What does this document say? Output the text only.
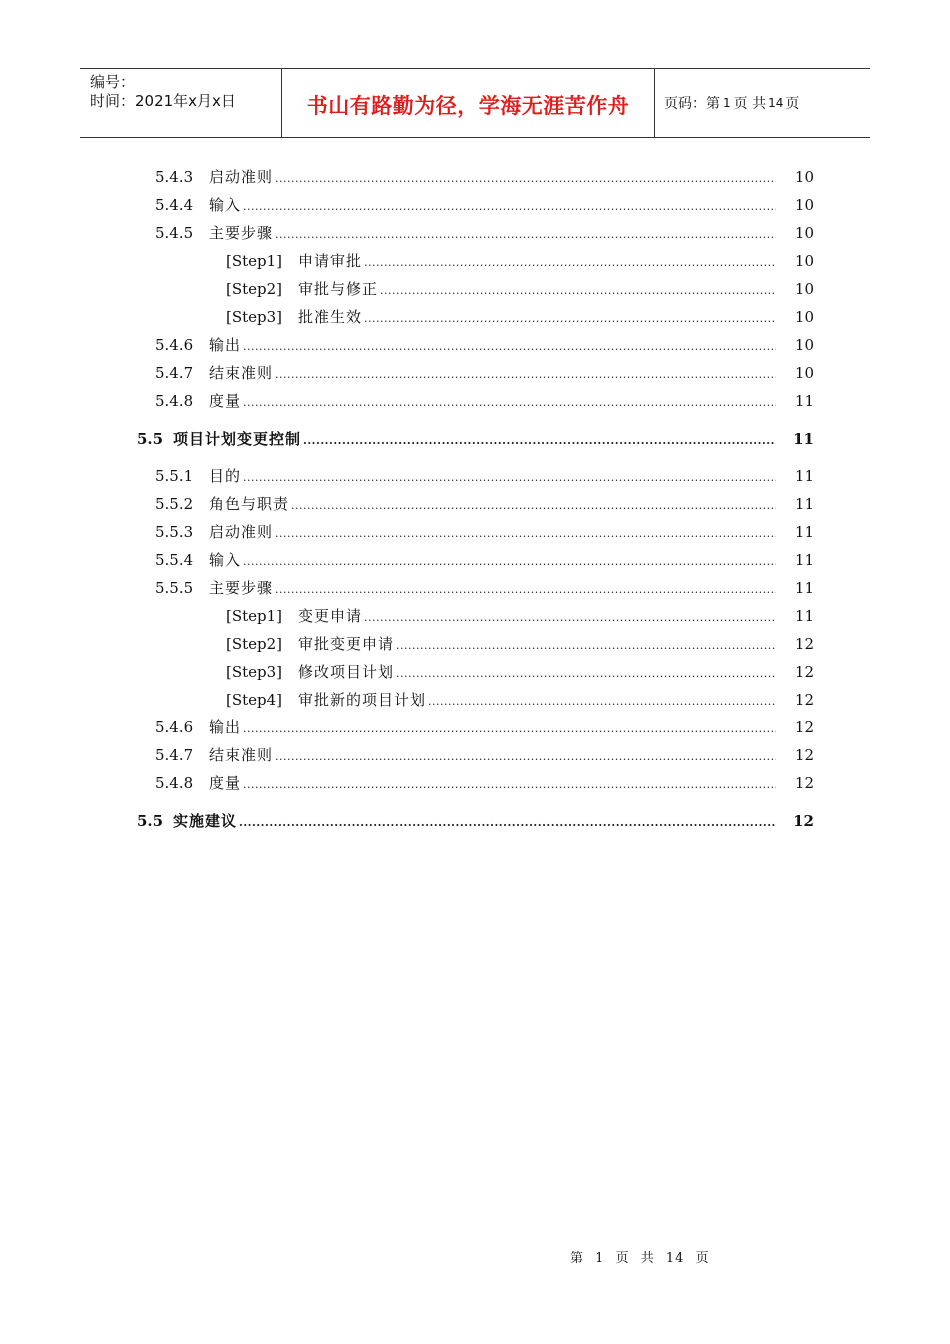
编号：
时间：2021年x月x日	书山有路勤为径，学海无涯苦作舟 页码：第 1 页 共 14 页
5.4.3	启动准则 .....	10
5.4.4	输入 .....	10
5.4.5	主要步骤 .....	10
[Step1]	申请审批 .....	10
[Step2]	审批与修正 .....	10
[Step3]	批准生效 .....	10
5.4.6	输出 .....	10
5.4.7	结束准则 .....	10
5.4.8	度量 .....	11
5.5 项目计划变更控制 .....	11
5.5.1	目的 .....	11
5.5.2	角色与职责 .....	11
5.5.3	启动准则 .....	11
5.5.4	输入 .....	11
5.5.5	主要步骤 .....	11
[Step1]	变更申请 .....	11
[Step2]	审批变更申请 .....	12
[Step3]	修改项目计划 .....	12
[Step4]	审批新的项目计划 .....	12
5.4.6	输出 .....	12
5.4.7	结束准则 .....	12
5.4.8	度量 .....	12
5.5 实施建议 .....	12
第 1 页 共 14 页
